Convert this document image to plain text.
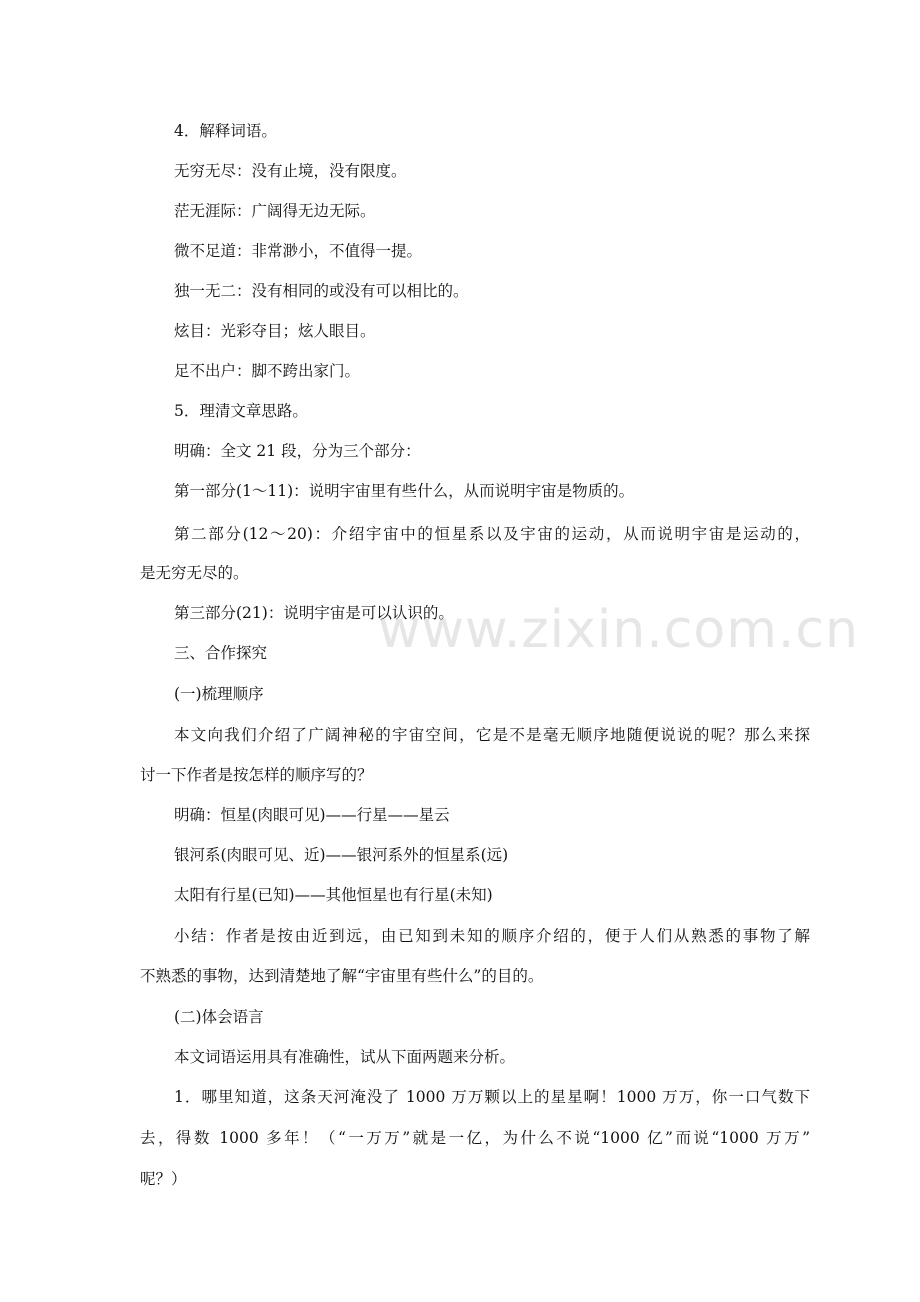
www.zixin.com.cn
4．解释词语。
无穷无尽：没有止境，没有限度。
茫无涯际：广阔得无边无际。
微不足道：非常渺小，不值得一提。
独一无二：没有相同的或没有可以相比的。
炫目：光彩夺目；炫人眼目。
足不出户：脚不跨出家门。
5．理清文章思路。
明确：全文 21 段，分为三个部分：
第一部分(1～11)：说明宇宙里有些什么，从而说明宇宙是物质的。
第二部分(12～20)：介绍宇宙中的恒星系以及宇宙的运动，从而说明宇宙是运动的，
是无穷无尽的。
第三部分(21)：说明宇宙是可以认识的。
三、合作探究
(一)梳理顺序
本文向我们介绍了广阔神秘的宇宙空间，它是不是毫无顺序地随便说说的呢？那么来探
讨一下作者是按怎样的顺序写的？
明确：恒星(肉眼可见)——行星——星云
银河系(肉眼可见、近)——银河系外的恒星系(远)
太阳有行星(已知)——其他恒星也有行星(未知)
小结：作者是按由近到远，由已知到未知的顺序介绍的，便于人们从熟悉的事物了解
不熟悉的事物，达到清楚地了解“宇宙里有些什么”的目的。
(二)体会语言
本文词语运用具有准确性，试从下面两题来分析。
1．哪里知道，这条天河淹没了 1000 万万颗以上的星星啊！1000 万万，你一口气数下
去，得数 1000 多年！（“一万万”就是一亿，为什么不说“1000 亿”而说“1000 万万”
呢？）
